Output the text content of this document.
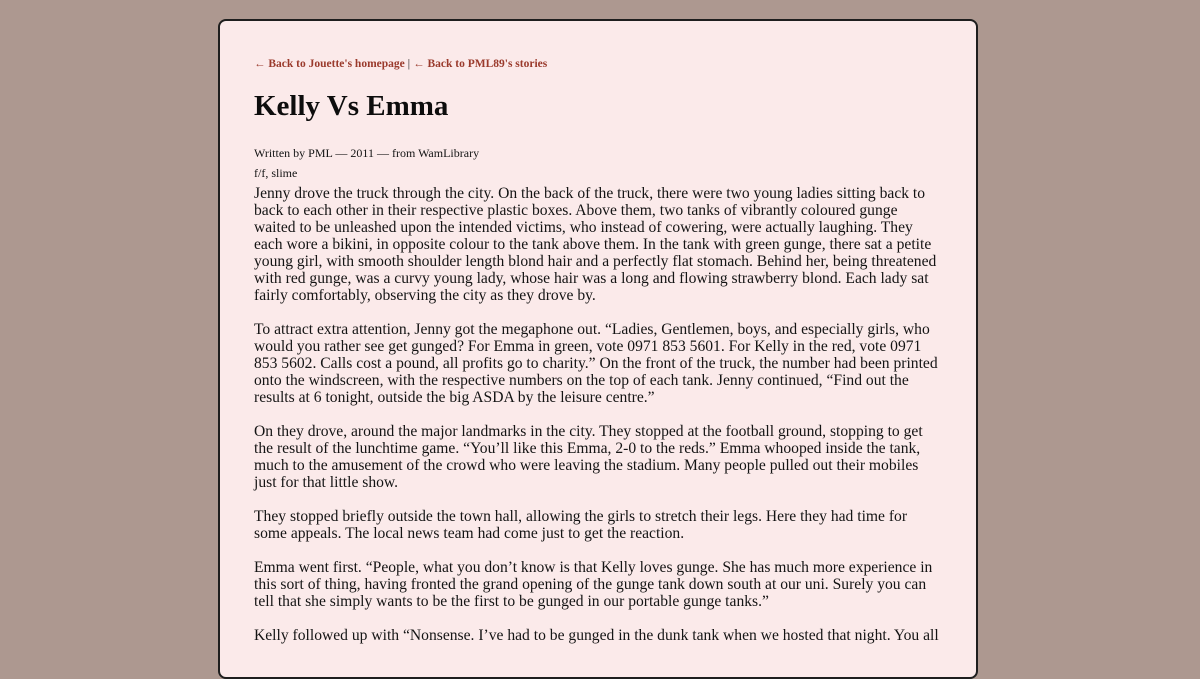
← Back to Jouette's homepage | ← Back to PML89's stories
Kelly Vs Emma
Written by PML — 2011 — from WamLibrary
f/f, slime

Jenny drove the truck through the city. On the back of the truck, there were two young ladies sitting back to back to each other in their respective plastic boxes. Above them, two tanks of vibrantly coloured gunge waited to be unleashed upon the intended victims, who instead of cowering, were actually laughing. They each wore a bikini, in opposite colour to the tank above them. In the tank with green gunge, there sat a petite young girl, with smooth shoulder length blond hair and a perfectly flat stomach. Behind her, being threatened with red gunge, was a curvy young lady, whose hair was a long and flowing strawberry blond. Each lady sat fairly comfortably, observing the city as they drove by.

To attract extra attention, Jenny got the megaphone out. “Ladies, Gentlemen, boys, and especially girls, who would you rather see get gunged? For Emma in green, vote 0971 853 5601. For Kelly in the red, vote 0971 853 5602. Calls cost a pound, all profits go to charity.” On the front of the truck, the number had been printed onto the windscreen, with the respective numbers on the top of each tank. Jenny continued, “Find out the results at 6 tonight, outside the big ASDA by the leisure centre.”

On they drove, around the major landmarks in the city. They stopped at the football ground, stopping to get the result of the lunchtime game. “You’ll like this Emma, 2-0 to the reds.” Emma whooped inside the tank, much to the amusement of the crowd who were leaving the stadium. Many people pulled out their mobiles just for that little show.

They stopped briefly outside the town hall, allowing the girls to stretch their legs. Here they had time for some appeals. The local news team had come just to get the reaction.

Emma went first. “People, what you don’t know is that Kelly loves gunge. She has much more experience in this sort of thing, having fronted the grand opening of the gunge tank down south at our uni. Surely you can tell that she simply wants to be the first to be gunged in our portable gunge tanks.”

Kelly followed up with “Nonsense. I’ve had to be gunged in the dunk tank when we hosted that night. You all
